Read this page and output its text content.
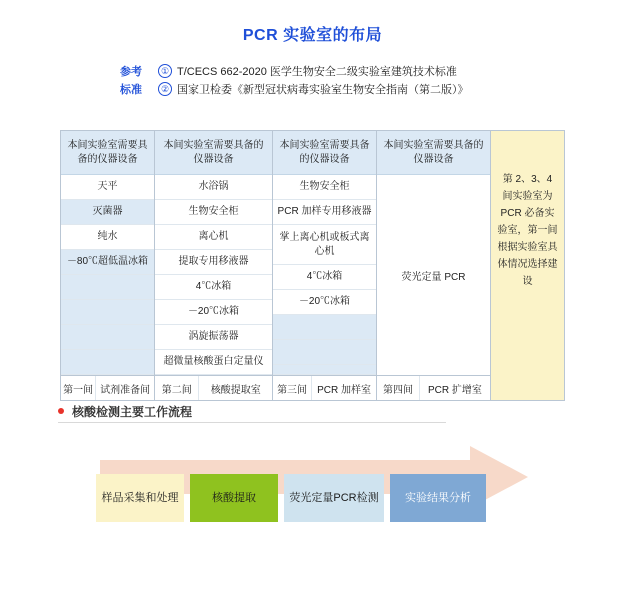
PCR 实验室的布局
参考
标准
① T/CECS 662-2020 医学生物安全二级实验室建筑技术标准
② 国家卫检委《新型冠状病毒实验室生物安全指南（第二版）》
本间实验室需要具备的仪器设备
天平
灭菌器
纯水
－80℃超低温冰箱
第一间 试剂准备间
本间实验室需要具备的仪器设备
水浴锅
生物安全柜
离心机
提取专用移液器
4℃冰箱
－20℃冰箱
涡旋振荡器
超微量核酸蛋白定量仪
第二间	核酸提取室
本间实验室需要具备的仪器设备
生物安全柜
PCR 加样专用移液器
掌上离心机或板式离心机
4℃冰箱
－20℃冰箱
第三间	PCR 加样室
本间实验室需要具备的仪器设备
荧光定量 PCR
第四间	PCR 扩增室
第 2、3、4 间实验室为 PCR 必备实验室，第一间根据实验室具体情况选择建设
核酸检测主要工作流程
样品采集和处理	核酸提取	荧光定量PCR检测	实验结果分析
